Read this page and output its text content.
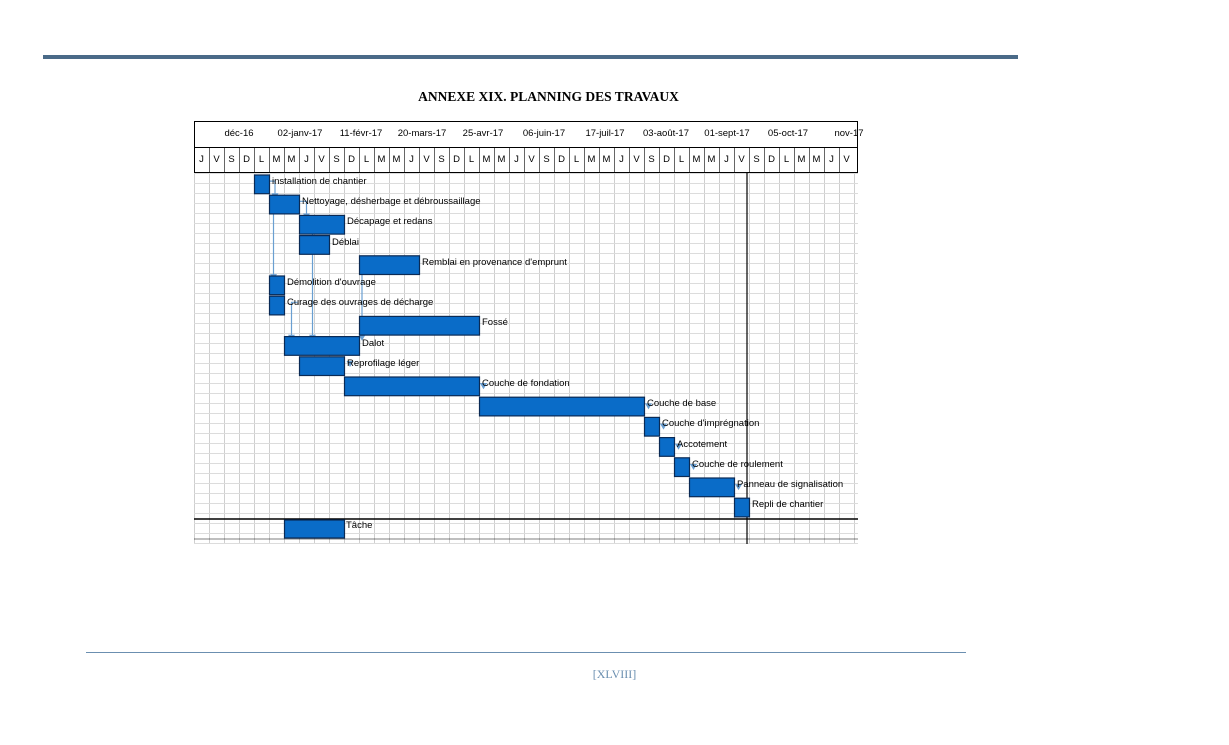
ANNEXE XIX. PLANNING DES TRAVAUX
déc-16	02-janv-17 11-févr-17 20-mars-17 25-avr-17 06-juin-17 17-juil-17 03-août-17 01-sept-17 05-oct-17	nov-17
J V S D L M M J V S D L M M J V S D L M M J V S D L M M J V S D L M M J V S D L M M J V
installation de chantier
Nettoyage, désherbage et débroussaillage
Décapage et redans
Déblai
Remblai en provenance d'emprunt
Démolition d'ouvrage
Curage des ouvrages de décharge
Fossé
Dalot
Reprofilage léger
Couche de fondation
Couche de base
Couche d'imprégnation
Accotement
Couche de roulement
Panneau de signalisation
Repli de chantier
Tâche
[XLVIII]
